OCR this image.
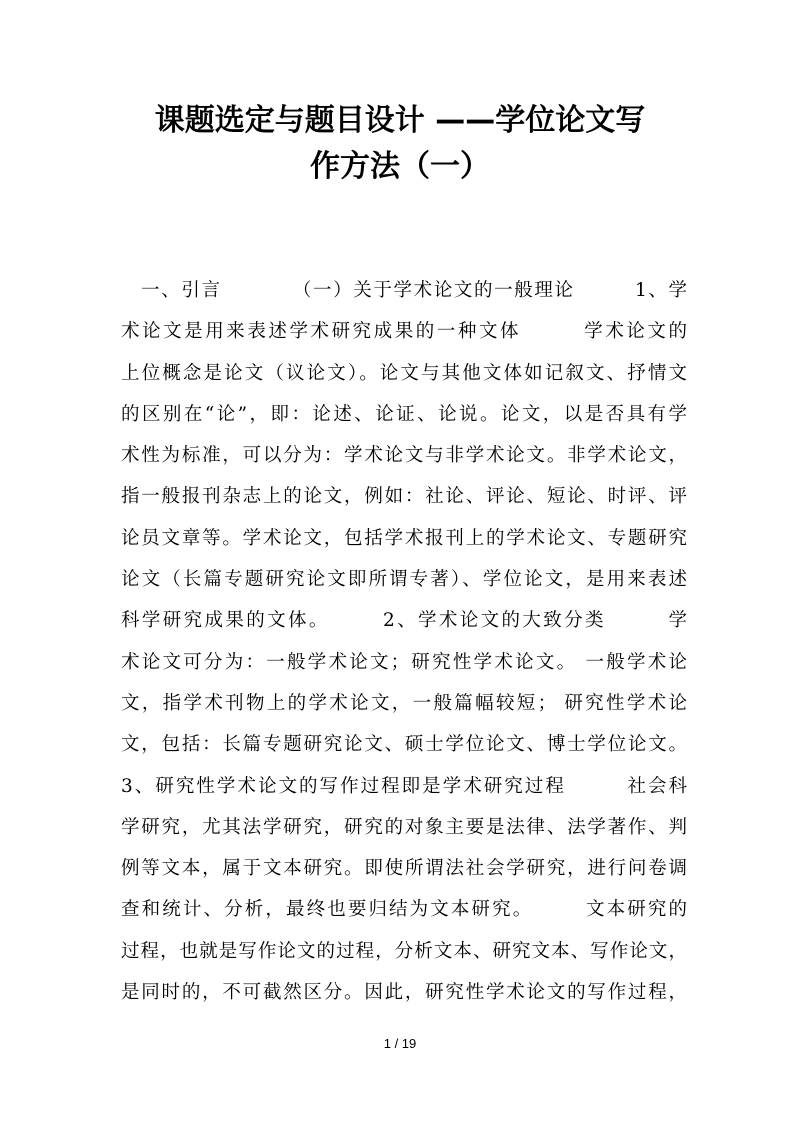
课题选定与题目设计 ——学位论文写
作方法（一）
　一、引言　　　　（一）关于学术论文的一般理论　　　1、学
术论文是用来表述学术研究成果的一种文体　　　学术论文的
上位概念是论文（议论文）。论文与其他文体如记叙文、抒情文
的区别在“论”，即：论述、论证、论说。论文，以是否具有学
术性为标准，可以分为：学术论文与非学术论文。非学术论文，
指一般报刊杂志上的论文，例如：社论、评论、短论、时评、评
论员文章等。学术论文，包括学术报刊上的学术论文、专题研究
论文（长篇专题研究论文即所谓专著）、学位论文，是用来表述
科学研究成果的文体。　　　2、学术论文的大致分类　　　学
术论文可分为：一般学术论文；研究性学术论文。 一般学术论
文，指学术刊物上的学术论文，一般篇幅较短； 研究性学术论
文，包括：长篇专题研究论文、硕士学位论文、博士学位论文。
3、研究性学术论文的写作过程即是学术研究过程　　　社会科
学研究，尤其法学研究，研究的对象主要是法律、法学著作、判
例等文本，属于文本研究。即使所谓法社会学研究，进行问卷调
查和统计、分析，最终也要归结为文本研究。　　　文本研究的
过程，也就是写作论文的过程，分析文本、研究文本、写作论文，
是同时的，不可截然区分。因此，研究性学术论文的写作过程，
1 / 19
